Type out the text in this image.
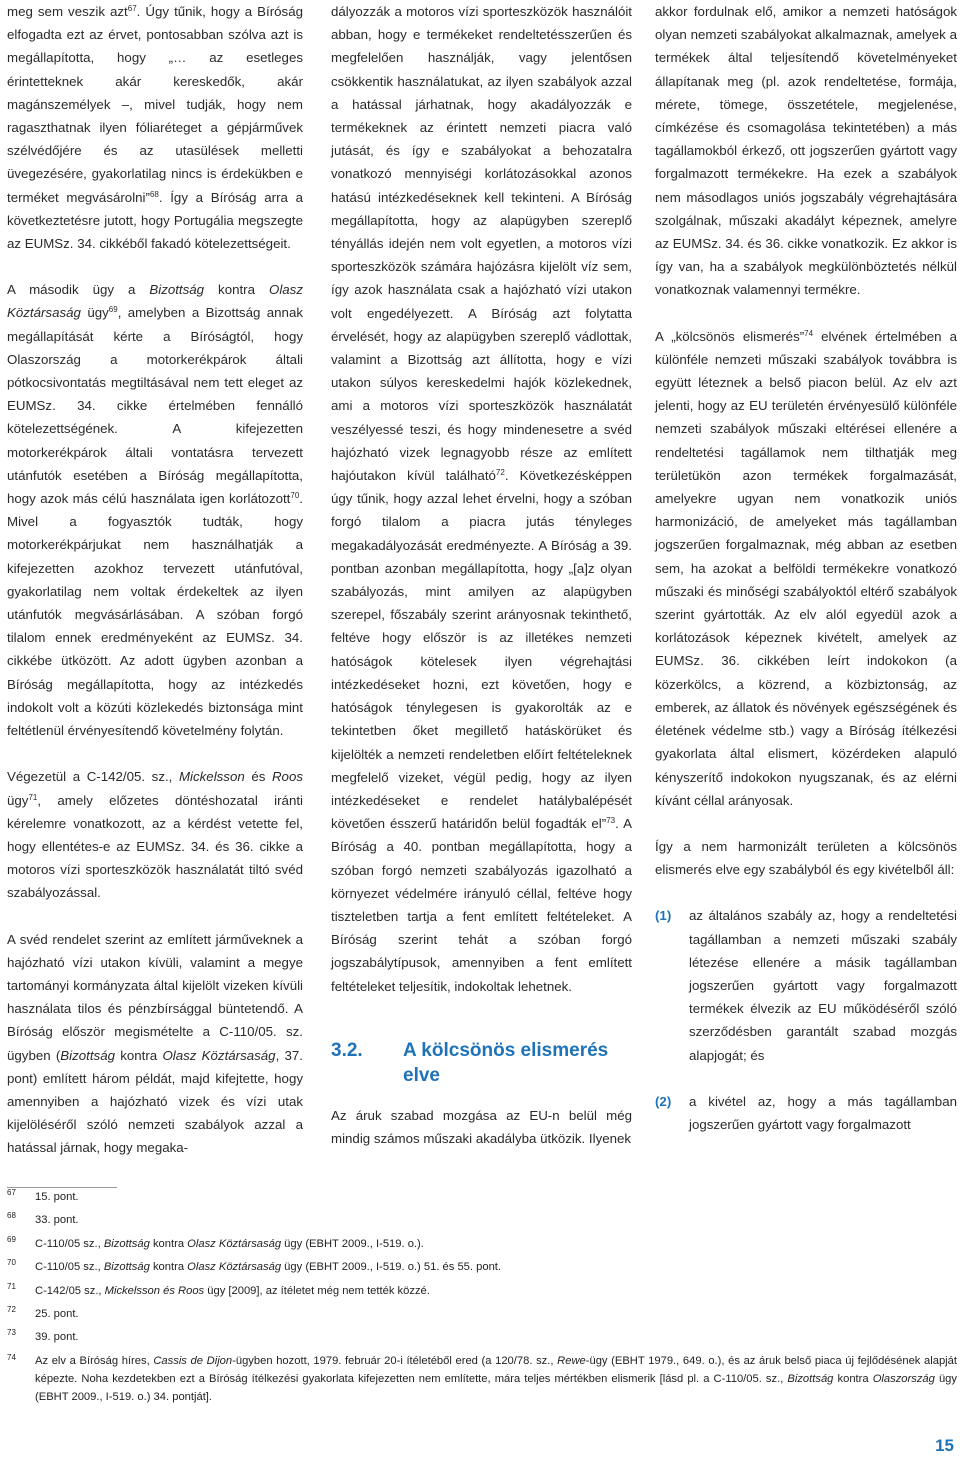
meg sem veszik azt$^{67}$. Úgy tűnik, hogy a Bíróság elfogadta ezt az érvet, pontosabban szólva azt is megállapította, hogy „… az esetleges érintetteknek akár kereskedők, akár magánszemélyek –, mivel tudják, hogy nem ragaszthatnak ilyen fóliaréteget a gépjárművek szélvédőjére és az utasülések melletti üvegezésére, gyakorlatilag nincs is érdekükben e terméket megvásárolni”$^{68}$. Így a Bíróság arra a következtetésre jutott, hogy Portugália megszegte az EUMSz. 34. cikkéből fakadó kötelezettségeit.

A második ügy a Bizottság kontra Olasz Köztársaság ügy$^{69}$, amelyben a Bizottság annak megállapítását kérte a Bíróságtól, hogy Olaszország a motorkerékpárok általi pótkocsivontatás megtiltásával nem tett eleget az EUMSz. 34. cikke értelmében fennálló kötelezettségének. A kifejezetten motorkerékpárok általi vontatásra tervezett utánfutók esetében a Bíróság megállapította, hogy azok más célú használata igen korlátozott$^{70}$. Mivel a fogyasztók tudták, hogy motorkerékpárjukat nem használhatják a kifejezetten azokhoz tervezett utánfutóval, gyakorlatilag nem voltak érdekeltek az ilyen utánfutók megvásárlásában. A szóban forgó tilalom ennek eredményeként az EUMSz. 34. cikkébe ütközött. Az adott ügyben azonban a Bíróság megállapította, hogy az intézkedés indokolt volt a közúti közlekedés biztonsága mint feltétlenül érvényesítendő követelmény folytán.

Végezetül a C-142/05. sz., Mickelsson és Roos ügy$^{71}$, amely előzetes döntéshozatal iránti kérelemre vonatkozott, az a kérdést vetette fel, hogy ellentétes-e az EUMSz. 34. és 36. cikke a motoros vízi sporteszközök használatát tiltó svéd szabályozással.

A svéd rendelet szerint az említett járműveknek a hajózható vízi utakon kívüli, valamint a megye tartományi kormányzata által kijelölt vizeken kívüli használata tilos és pénzbírsággal büntetendő. A Bíróság először megismételte a C-110/05. sz. ügyben (Bizottság kontra Olasz Köztársaság, 37. pont) említett három példát, majd kifejtette, hogy amennyiben a hajózható vizek és vízi utak kijelöléséről szóló nemzeti szabályok azzal a hatással járnak, hogy megaka-

dályozzák a motoros vízi sporteszközök használóit abban, hogy e termékeket rendeltetésszerűen és megfelelően használják, vagy jelentősen csökkentik használatukat, az ilyen szabályok azzal a hatással járhatnak, hogy akadályozzák e termékeknek az érintett nemzeti piacra való jutását, és így e szabályokat a behozatalra vonatkozó mennyiségi korlátozásokkal azonos hatású intézkedéseknek kell tekinteni. A Bíróság megállapította, hogy az alapügyben szereplő tényállás idején nem volt egyetlen, a motoros vízi sporteszközök számára hajózásra kijelölt víz sem, így azok használata csak a hajózható vízi utakon volt engedélyezett. A Bíróság azt folytatta érvelését, hogy az alapügyben szereplő vádlottak, valamint a Bizottság azt állította, hogy e vízi utakon súlyos kereskedelmi hajók közlekednek, ami a motoros vízi sporteszközök használatát veszélyessé teszi, és hogy mindenesetre a svéd hajózható vizek legnagyobb része az említett hajóutakon kívül található$^{72}$. Következésképpen úgy tűnik, hogy azzal lehet érvelni, hogy a szóban forgó tilalom a piacra jutás tényleges megakadályozását eredményezte. A Bíróság a 39. pontban azonban megállapította, hogy „[a]z olyan szabályozás, mint amilyen az alapügyben szerepel, főszabály szerint arányosnak tekinthető, feltéve hogy először is az illetékes nemzeti hatóságok kötelesek ilyen végrehajtási intézkedéseket hozni, ezt követően, hogy e hatóságok ténylegesen is gyakorolták az e tekintetben őket megillető hatáskörüket és kijelölték a nemzeti rendeletben előírt feltételeknek megfelelő vizeket, végül pedig, hogy az ilyen intézkedéseket e rendelet hatálybalépését követően ésszerű határidőn belül fogadták el”$^{73}$. A Bíróság a 40. pontban megállapította, hogy a szóban forgó nemzeti szabályozás igazolható a környezet védelmére irányuló céllal, feltéve hogy tiszteletben tartja a fent említett feltételeket. A Bíróság szerint tehát a szóban forgó jogszabálytípusok, amennyiben a fent említett feltételeket teljesítik, indokoltak lehetnek.

3.2.	A kölcsönös elismerés elve

Az áruk szabad mozgása az EU-n belül még mindig számos műszaki akadályba ütközik. Ilyenek

akkor fordulnak elő, amikor a nemzeti hatóságok olyan nemzeti szabályokat alkalmaznak, amelyek a termékek által teljesítendő követelményeket állapítanak meg (pl. azok rendeltetése, formája, mérete, tömege, összetétele, megjelenése, címkézése és csomagolása tekintetében) a más tagállamokból érkező, ott jogszerűen gyártott vagy forgalmazott termékekre. Ha ezek a szabályok nem másodlagos uniós jogszabály végrehajtására szolgálnak, műszaki akadályt képeznek, amelyre az EUMSz. 34. és 36. cikke vonatkozik. Ez akkor is így van, ha a szabályok megkülönböztetés nélkül vonatkoznak valamennyi termékre.

A „kölcsönös elismerés”$^{74}$ elvének értelmében a különféle nemzeti műszaki szabályok továbbra is együtt léteznek a belső piacon belül. Az elv azt jelenti, hogy az EU területén érvényesülő különféle nemzeti szabályok műszaki eltérései ellenére a rendeltetési tagállamok nem tilthatják meg területükön azon termékek forgalmazását, amelyekre ugyan nem vonatkozik uniós harmonizáció, de amelyeket más tagállamban jogszerűen forgalmaznak, még abban az esetben sem, ha azokat a belföldi termékekre vonatkozó műszaki és minőségi szabályoktól eltérő szabályok szerint gyártották. Az elv alól egyedül azok a korlátozások képeznek kivételt, amelyek az EUMSz. 36. cikkében leírt indokokon (a közerkölcs, a közrend, a közbiztonság, az emberek, az állatok és növények egészségének és életének védelme stb.) vagy a Bíróság ítélkezési gyakorlata által elismert, közérdeken alapuló kényszerítő indokokon nyugszanak, és az elérni kívánt céllal arányosak.

Így a nem harmonizált területen a kölcsönös elismerés elve egy szabályból és egy kivételből áll:

(1)	az általános szabály az, hogy a rendeltetési tagállamban a nemzeti műszaki szabály létezése ellenére a másik tagállamban jogszerűen gyártott vagy forgalmazott termékek élvezik az EU működéséről szóló szerződésben garantált szabad mozgás alapjogát; és
(2)	a kivétel az, hogy a más tagállamban jogszerűen gyártott vagy forgalmazott
67	15. pont.
68	33. pont.
69	C-110/05 sz., Bizottság kontra Olasz Köztársaság ügy (EBHT 2009., I-519. o.).
70	C-110/05 sz., Bizottság kontra Olasz Köztársaság ügy (EBHT 2009., I-519. o.) 51. és 55. pont.
71	C-142/05 sz., Mickelsson és Roos ügy [2009], az ítéletet még nem tették közzé.
72	25. pont.
73	39. pont.
74 Az elv a Bíróság híres, Cassis de Dijon-ügyben hozott, 1979. február 20-i ítéletéből ered (a 120/78. sz., Rewe-ügy (EBHT 1979., 649. o.), és az áruk belső piaca új fejlődésének alapját képezte. Noha kezdetekben ezt a Bíróság ítélkezési gyakorlata kifejezetten nem említette, mára teljes mértékben elismerik [lásd pl. a C-110/05. sz., Bizottság kontra Olaszország ügy (EBHT 2009., I-519. o.) 34. pontját].
15
